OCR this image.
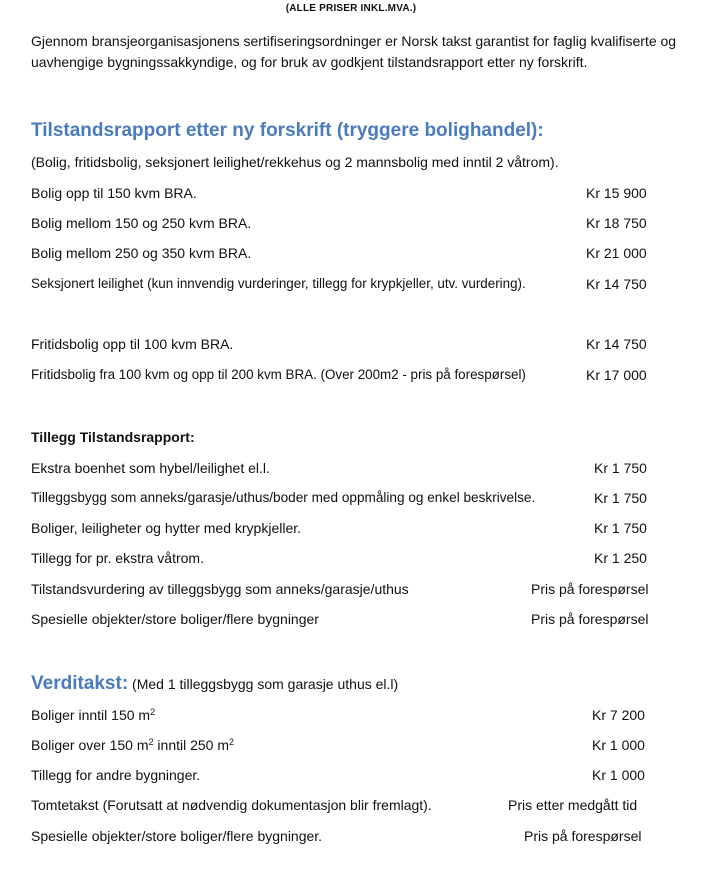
(ALLE PRISER INKL.MVA.)
Gjennom bransjeorganisasjonens sertifiseringsordninger er Norsk takst garantist for faglig kvalifiserte og uavhengige bygningssakkyndige, og for bruk av godkjent tilstandsrapport etter ny forskrift.
Tilstandsrapport etter ny forskrift (tryggere bolighandel):
(Bolig, fritidsbolig, seksjonert leilighet/rekkehus og 2 mannsbolig med inntil 2 våtrom).
Bolig opp til 150 kvm BRA.	Kr 15 900
Bolig mellom 150 og 250 kvm BRA.	Kr 18 750
Bolig mellom 250 og 350 kvm BRA.	Kr 21 000
Seksjonert leilighet (kun innvendig vurderinger, tillegg for krypkjeller, utv. vurdering).	Kr 14 750
Fritidsbolig opp til 100 kvm BRA.	Kr 14 750
Fritidsbolig fra 100 kvm og opp til 200 kvm BRA. (Over 200m2 - pris på forespørsel)	Kr 17 000
Tillegg Tilstandsrapport:
Ekstra boenhet som hybel/leilighet el.l.	Kr 1 750
Tilleggsbygg som anneks/garasje/uthus/boder med oppmåling og enkel beskrivelse.	Kr 1 750
Boliger, leiligheter og hytter med krypkjeller.	Kr 1 750
Tillegg for pr. ekstra våtrom.	Kr 1 250
Tilstandsvurdering av tilleggsbygg som anneks/garasje/uthus	Pris på forespørsel
Spesielle objekter/store boliger/flere bygninger	Pris på forespørsel
Verditakst: (Med 1 tilleggsbygg som garasje uthus el.l)
Boliger inntil 150 $m^2$	Kr 7 200
Boliger over 150 $m^2$ inntil 250 $m^2$	Kr 1 000
Tillegg for andre bygninger.	Kr 1 000
Tomtetakst (Forutsatt at nødvendig dokumentasjon blir fremlagt).	Pris etter medgått tid
Spesielle objekter/store boliger/flere bygninger.	Pris på forespørsel
